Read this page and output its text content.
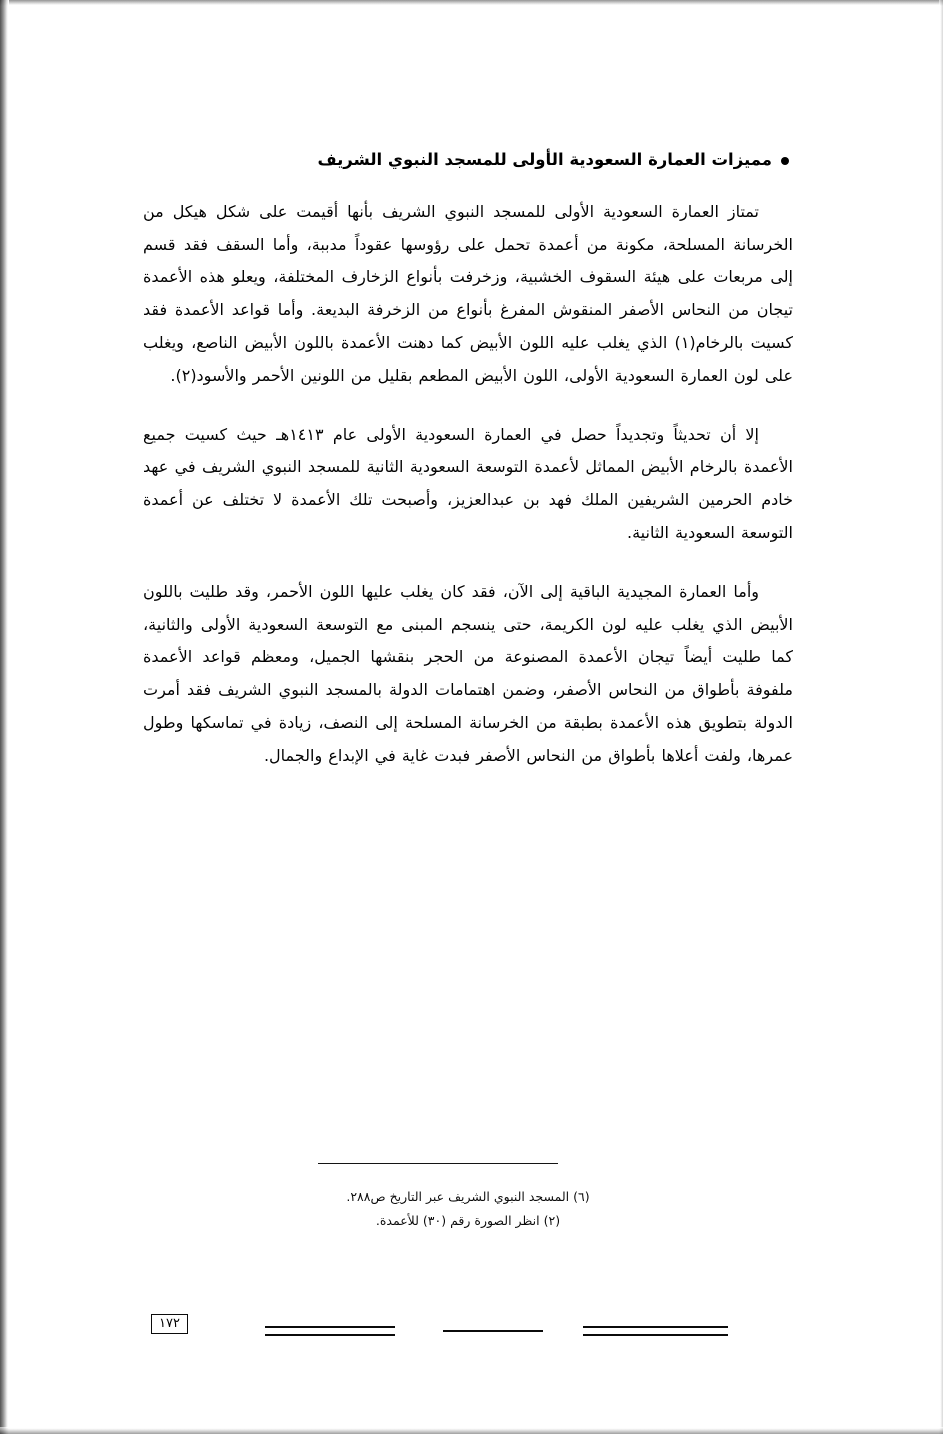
مميزات العمارة السعودية الأولى للمسجد النبوي الشريف

تمتاز العمارة السعودية الأولى للمسجد النبوي الشريف بأنها أقيمت على شكل هيكل من الخرسانة المسلحة، مكونة من أعمدة تحمل على رؤوسها عقوداً مدببة، وأما السقف فقد قسم إلى مربعات على هيئة السقوف الخشبية، وزخرفت بأنواع الزخارف المختلفة، ويعلو هذه الأعمدة تيجان من النحاس الأصفر المنقوش المفرغ بأنواع من الزخرفة البديعة. وأما قواعد الأعمدة فقد كسيت بالرخام(١) الذي يغلب عليه اللون الأبيض كما دهنت الأعمدة باللون الأبيض الناصع، ويغلب على لون العمارة السعودية الأولى، اللون الأبيض المطعم بقليل من اللونين الأحمر والأسود(٢).

إلا أن تحديثاً وتجديداً حصل في العمارة السعودية الأولى عام ١٤١٣هـ حيث كسيت جميع الأعمدة بالرخام الأبيض المماثل لأعمدة التوسعة السعودية الثانية للمسجد النبوي الشريف في عهد خادم الحرمين الشريفين الملك فهد بن عبدالعزيز، وأصبحت تلك الأعمدة لا تختلف عن أعمدة التوسعة السعودية الثانية.

وأما العمارة المجيدية الباقية إلى الآن، فقد كان يغلب عليها اللون الأحمر، وقد طليت باللون الأبيض الذي يغلب عليه لون الكريمة، حتى ينسجم المبنى مع التوسعة السعودية الأولى والثانية، كما طليت أيضاً تيجان الأعمدة المصنوعة من الحجر بنقشها الجميل، ومعظم قواعد الأعمدة ملفوفة بأطواق من النحاس الأصفر، وضمن اهتمامات الدولة بالمسجد النبوي الشريف فقد أمرت الدولة بتطويق هذه الأعمدة بطبقة من الخرسانة المسلحة إلى النصف، زيادة في تماسكها وطول عمرها، ولفت أعلاها بأطواق من النحاس الأصفر فبدت غاية في الإبداع والجمال.

(٦) المسجد النبوي الشريف عبر التاريخ ص٢٨٨.
(٢) انظر الصورة رقم (٣٠) للأعمدة.
١٧٢
